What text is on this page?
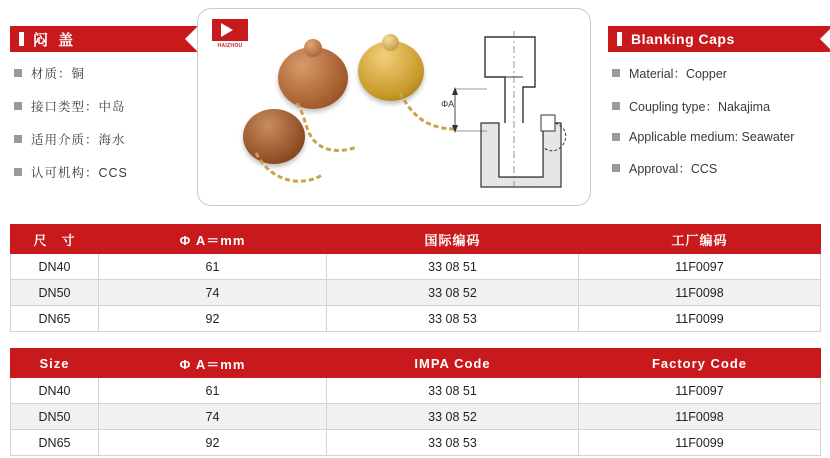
闷 盖	Blanking Caps
材质：铜
接口类型：中岛
适用介质：海水
认可机构：CCS
Material：Copper
Coupling type：Nakajima
Applicable medium: Seawater
Approval：CCS
HAIZHOU
ΦA
尺　寸	Φ A＝mm	国际编码	工厂编码
DN40	61	33 08 51	11F0097
DN50	74	33 08 52	11F0098
DN65	92	33 08 53	11F0099
Size	Φ A＝mm	IMPA Code	Factory Code
DN40	61	33 08 51	11F0097
DN50	74	33 08 52	11F0098
DN65	92	33 08 53	11F0099
